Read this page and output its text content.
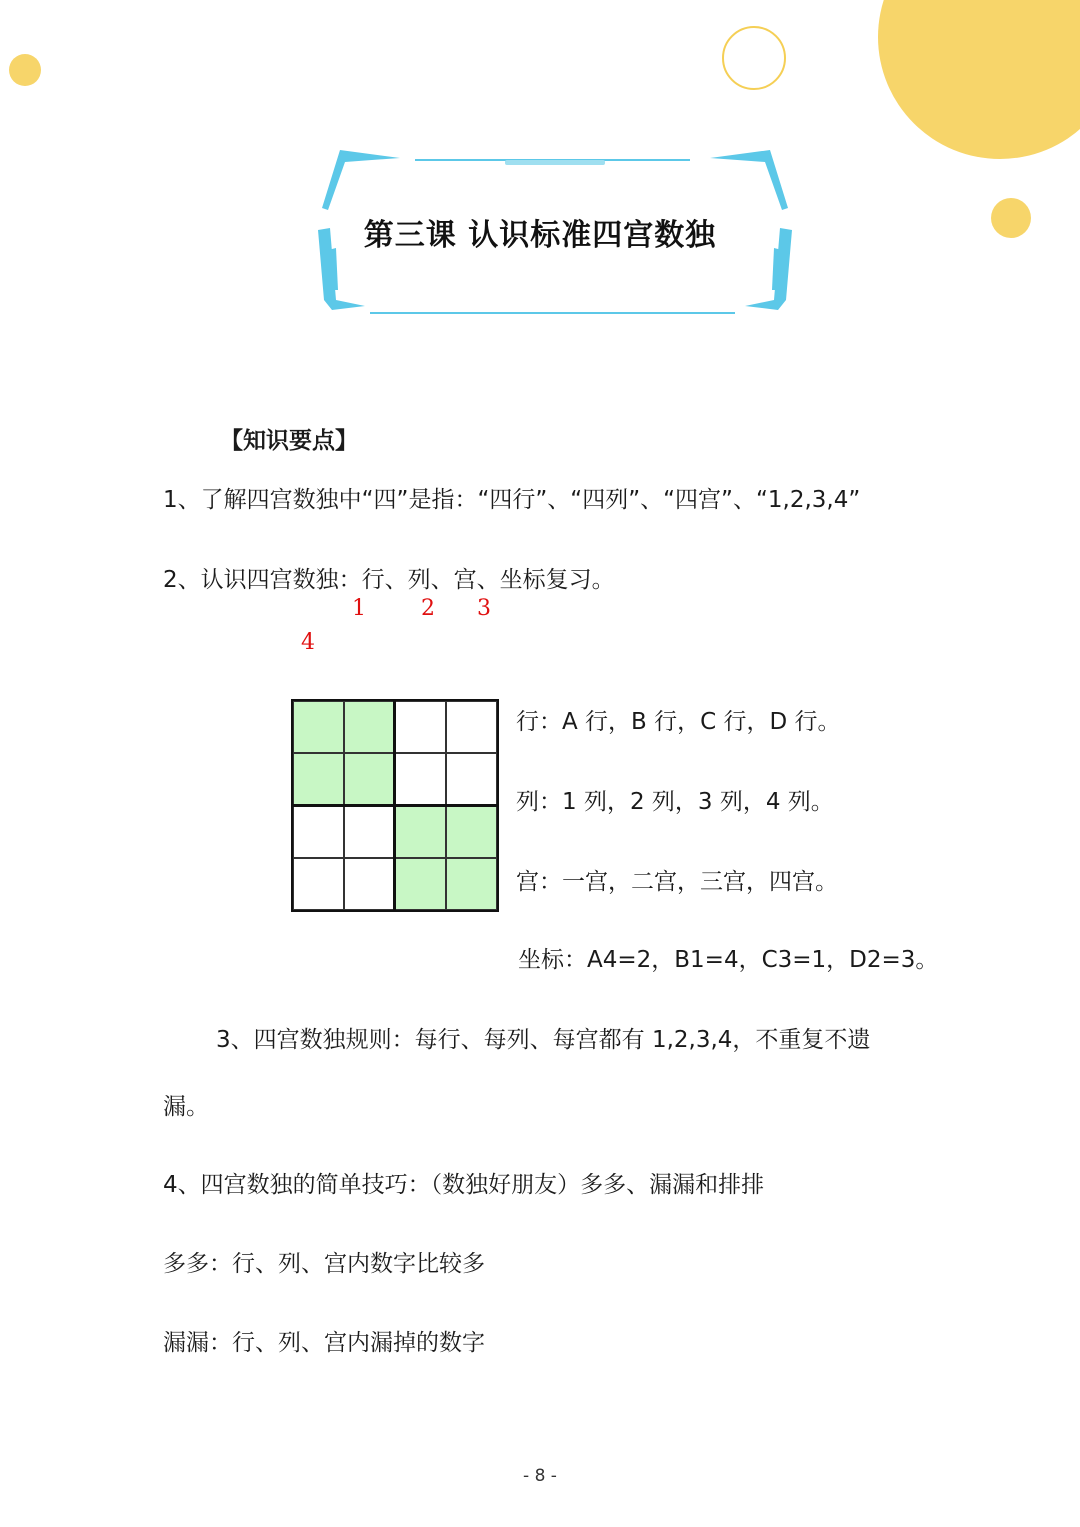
第三课 认识标准四宫数独
【知识要点】
1、了解四宫数独中“四”是指：“四行”、“四列”、“四宫”、“1,2,3,4”
2、认识四宫数独：行、列、宫、坐标复习。
1	2 3
4
行：A 行，B 行，C 行，D 行。
列：1 列，2 列，3 列，4 列。
宫：一宫，二宫，三宫，四宫。
坐标：A4=2，B1=4，C3=1，D2=3。
3、四宫数独规则：每行、每列、每宫都有 1,2,3,4，不重复不遗
漏。
4、四宫数独的简单技巧：（数独好朋友）多多、漏漏和排排
多多：行、列、宫内数字比较多
漏漏：行、列、宫内漏掉的数字
- 8 -
